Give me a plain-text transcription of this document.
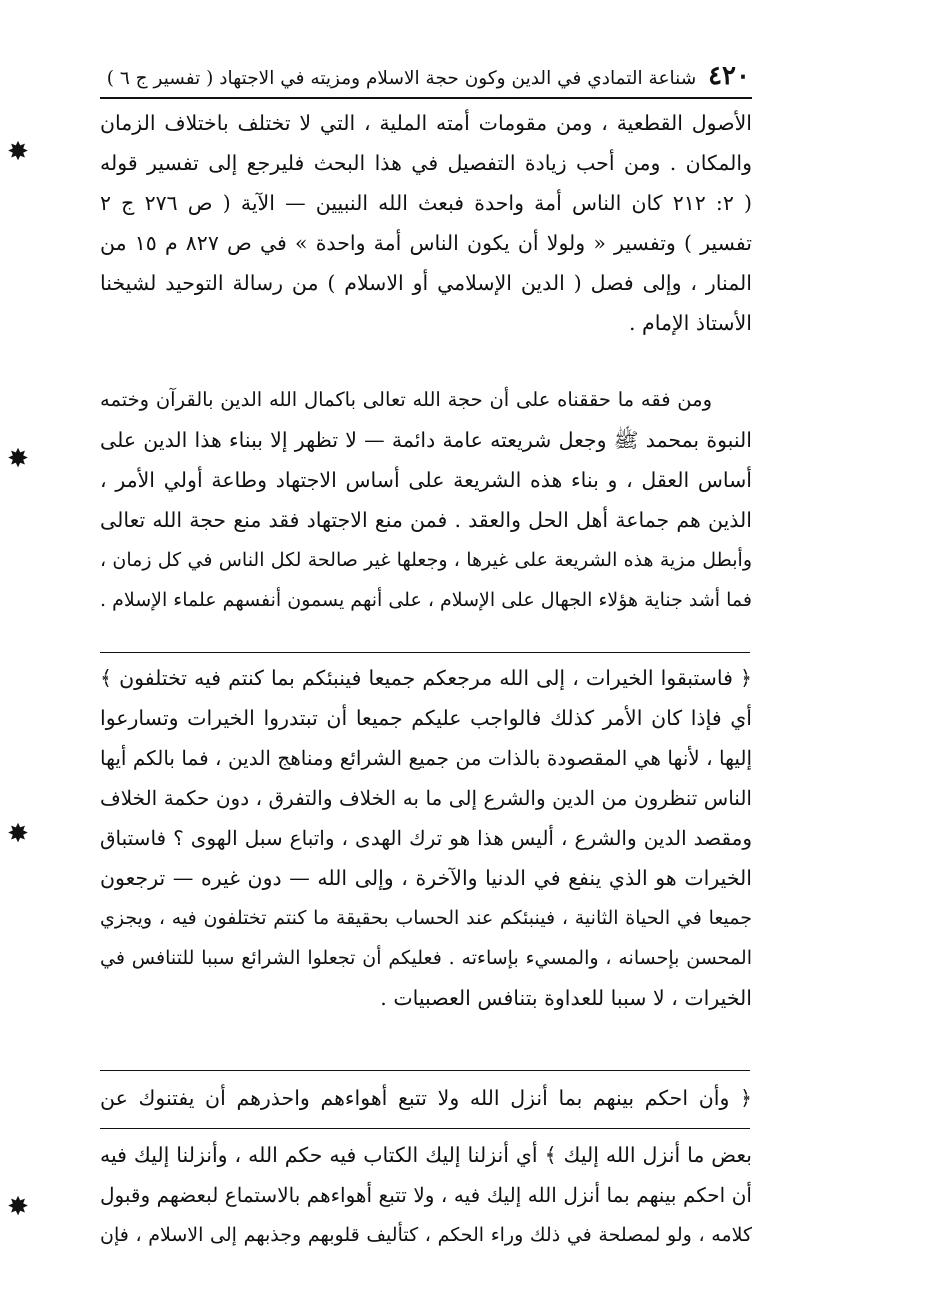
٤٢٠ شناعة التمادي في الدين وكون حجة الاسلام ومزيته في الاجتهاد ( تفسير ج ٦ )
الأصول القطعية ، ومن مقومات أمته الملية ، التي لا تختلف باختلاف الزمان
والمكان . ومن أحب زيادة التفصيل في هذا البحث فليرجع إلى تفسير قوله
( ٢: ٢١٢ كان الناس أمة واحدة فبعث الله النبيين — الآية ( ص ٢٧٦ ج ٢
تفسير ) وتفسير « ولولا أن يكون الناس أمة واحدة » في ص ٨٢٧ م ١٥ من
المنار ، وإلى فصل ( الدين الإسلامي أو الاسلام ) من رسالة التوحيد لشيخنا
الأستاذ الإمام .
ومن فقه ما حققناه على أن حجة الله تعالى باكمال الله الدين بالقرآن وختمه
النبوة بمحمد ﷺ وجعل شريعته عامة دائمة — لا تظهر إلا ببناء هذا الدين على
أساس العقل ، و بناء هذه الشريعة على أساس الاجتهاد وطاعة أولي الأمر ،
الذين هم جماعة أهل الحل والعقد . فمن منع الاجتهاد فقد منع حجة الله تعالى
وأبطل مزية هذه الشريعة على غيرها ، وجعلها غير صالحة لكل الناس في كل زمان ،
فما أشد جناية هؤلاء الجهال على الإسلام ، على أنهم يسمون أنفسهم علماء الإسلام .
﴿ فاستبقوا الخيرات ، إلى الله مرجعكم جميعا فينبئكم بما كنتم فيه تختلفون ﴾
أي فإذا كان الأمر كذلك فالواجب عليكم جميعا أن تبتدروا الخيرات وتسارعوا
إليها ، لأنها هي المقصودة بالذات من جميع الشرائع ومناهج الدين ، فما بالكم أيها
الناس تنظرون من الدين والشرع إلى ما به الخلاف والتفرق ، دون حكمة الخلاف
ومقصد الدين والشرع ، أليس هذا هو ترك الهدى ، واتباع سبل الهوى ؟ فاستباق
الخيرات هو الذي ينفع في الدنيا والآخرة ، وإلى الله — دون غيره — ترجعون
جميعا في الحياة الثانية ، فينبئكم عند الحساب بحقيقة ما كنتم تختلفون فيه ، ويجزي
المحسن بإحسانه ، والمسيء بإساءته . فعليكم أن تجعلوا الشرائع سببا للتنافس في
الخيرات ، لا سببا للعداوة بتنافس العصبيات .
﴿ وأن احكم بينهم بما أنزل الله ولا تتبع أهواءهم واحذرهم أن يفتنوك عن
بعض ما أنزل الله إليك ﴾ أي أنزلنا إليك الكتاب فيه حكم الله ، وأنزلنا إليك فيه
أن احكم بينهم بما أنزل الله إليك فيه ، ولا تتبع أهواءهم بالاستماع لبعضهم وقبول
كلامه ، ولو لمصلحة في ذلك وراء الحكم ، كتأليف قلوبهم وجذبهم إلى الاسلام ، فإن
✸
✸
✸
✸
